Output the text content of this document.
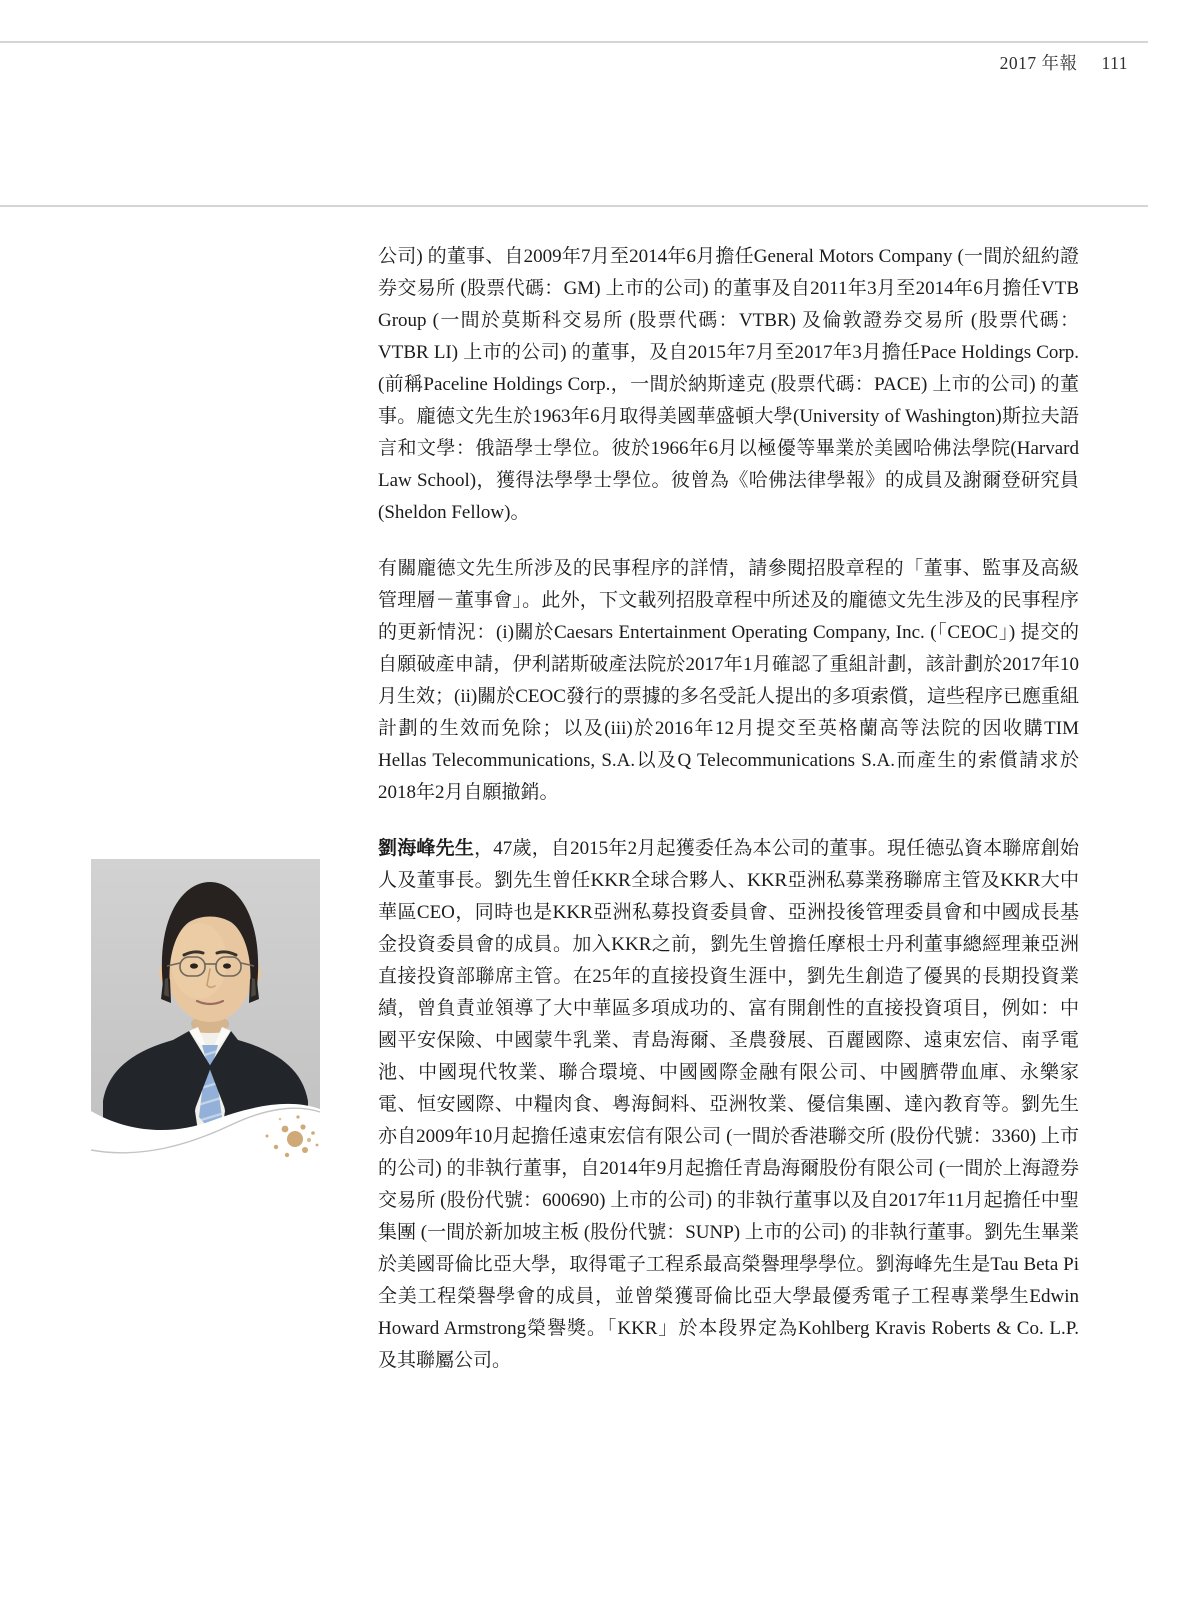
2017 年報 111

公司) 的董事、自2009年7月至2014年6月擔任General Motors Company (一間於紐約證券交易所 (股票代碼：GM) 上市的公司) 的董事及自2011年3月至2014年6月擔任VTB Group (一間於莫斯科交易所 (股票代碼：VTBR) 及倫敦證券交易所 (股票代碼：VTBR LI) 上市的公司) 的董事，及自2015年7月至2017年3月擔任Pace Holdings Corp. (前稱Paceline Holdings Corp.，一間於納斯達克 (股票代碼：PACE) 上市的公司) 的董事。龐德文先生於1963年6月取得美國華盛頓大學(University of Washington)斯拉夫語言和文學：俄語學士學位。彼於1966年6月以極優等畢業於美國哈佛法學院(Harvard Law School)，獲得法學學士學位。彼曾為《哈佛法律學報》的成員及謝爾登研究員(Sheldon Fellow)。

有關龐德文先生所涉及的民事程序的詳情，請參閱招股章程的「董事、監事及高級管理層－董事會」。此外，下文載列招股章程中所述及的龐德文先生涉及的民事程序的更新情況：(i)關於Caesars Entertainment Operating Company, Inc. (「CEOC」) 提交的自願破產申請，伊利諾斯破產法院於2017年1月確認了重組計劃，該計劃於2017年10月生效；(ii)關於CEOC發行的票據的多名受託人提出的多項索償，這些程序已應重組計劃的生效而免除；以及(iii)於2016年12月提交至英格蘭高等法院的因收購TIM Hellas Telecommunications, S.A.以及Q Telecommunications S.A.而產生的索償請求於2018年2月自願撤銷。

劉海峰先生，47歲，自2015年2月起獲委任為本公司的董事。現任德弘資本聯席創始人及董事長。劉先生曾任KKR全球合夥人、KKR亞洲私募業務聯席主管及KKR大中華區CEO，同時也是KKR亞洲私募投資委員會、亞洲投後管理委員會和中國成長基金投資委員會的成員。加入KKR之前，劉先生曾擔任摩根士丹利董事總經理兼亞洲直接投資部聯席主管。在25年的直接投資生涯中，劉先生創造了優異的長期投資業績，曾負責並領導了大中華區多項成功的、富有開創性的直接投資項目，例如：中國平安保險、中國蒙牛乳業、青島海爾、圣農發展、百麗國際、遠東宏信、南孚電池、中國現代牧業、聯合環境、中國國際金融有限公司、中國臍帶血庫、永樂家電、恒安國際、中糧肉食、粵海飼料、亞洲牧業、優信集團、達內教育等。劉先生亦自2009年10月起擔任遠東宏信有限公司 (一間於香港聯交所 (股份代號：3360) 上市的公司) 的非執行董事，自2014年9月起擔任青島海爾股份有限公司 (一間於上海證券交易所 (股份代號：600690) 上市的公司) 的非執行董事以及自2017年11月起擔任中聖集團 (一間於新加坡主板 (股份代號：SUNP) 上市的公司) 的非執行董事。劉先生畢業於美國哥倫比亞大學，取得電子工程系最高榮譽理學學位。劉海峰先生是Tau Beta Pi全美工程榮譽學會的成員，並曾榮獲哥倫比亞大學最優秀電子工程專業學生Edwin Howard Armstrong榮譽獎。「KKR」於本段界定為Kohlberg Kravis Roberts & Co. L.P.及其聯屬公司。
